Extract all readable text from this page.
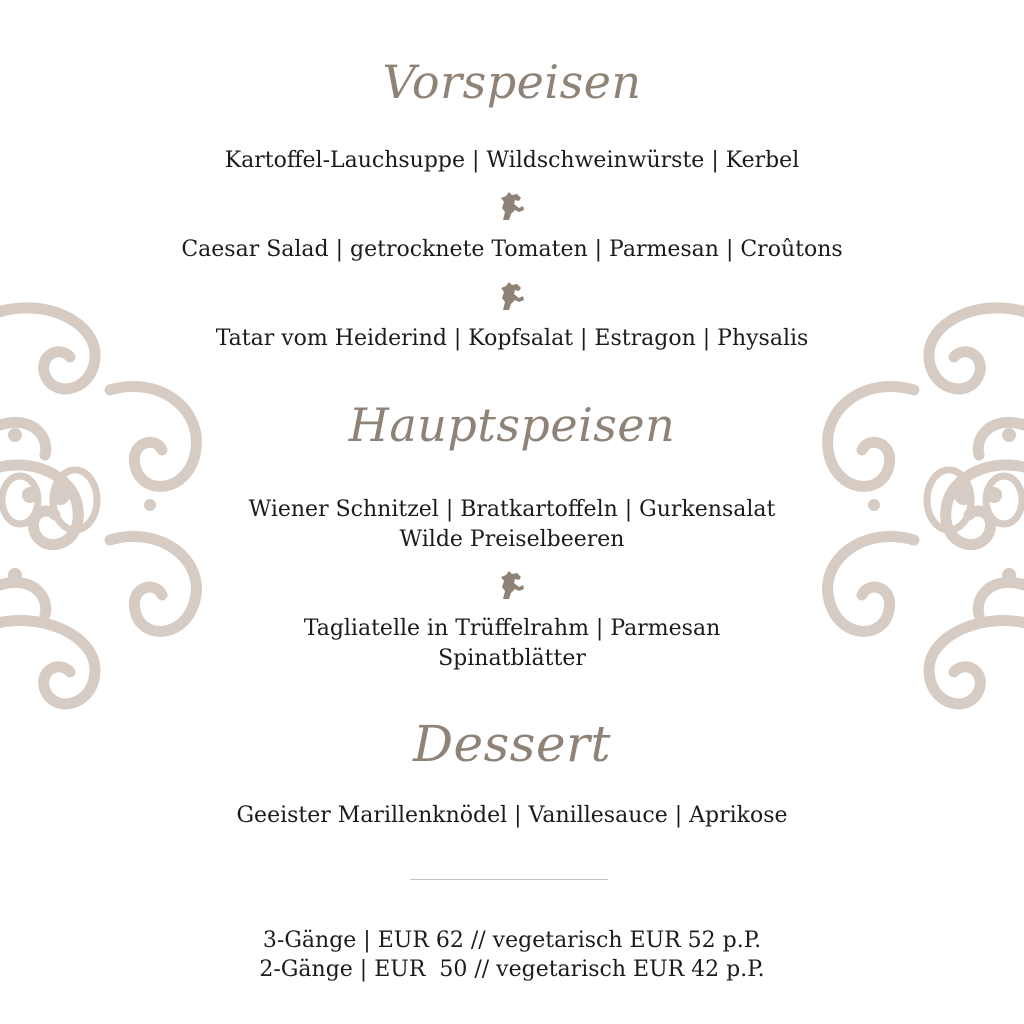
Vorspeisen
Kartoffel-Lauchsuppe | Wildschweinwürste | Kerbel
Caesar Salad | getrocknete Tomaten | Parmesan | Croûtons
Tatar vom Heiderind | Kopfsalat | Estragon | Physalis
Hauptspeisen
Wiener Schnitzel | Bratkartoffeln | Gurkensalat
Wilde Preiselbeeren
Tagliatelle in Trüffelrahm | Parmesan
Spinatblätter
Dessert
Geeister Marillenknödel | Vanillesauce | Aprikose
3-Gänge | EUR 62 // vegetarisch EUR 52 p.P.
2-Gänge | EUR  50 // vegetarisch EUR 42 p.P.
